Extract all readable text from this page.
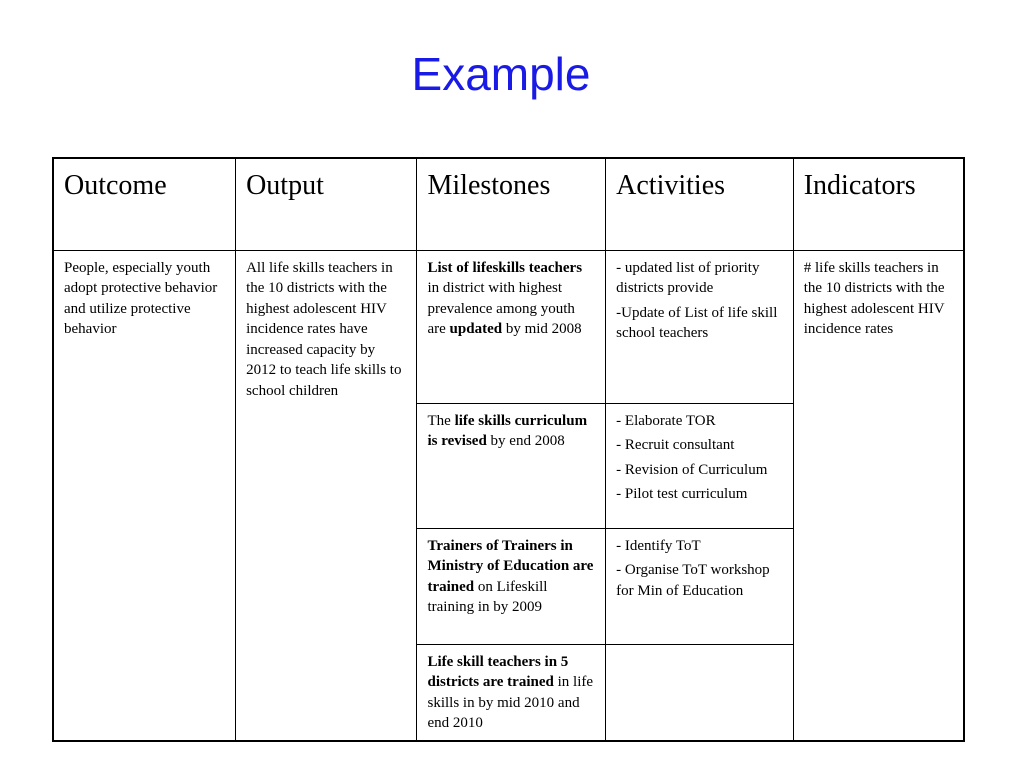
Example
Outcome	Output	Milestones	Activities	Indicators
People, especially youth adopt protective behavior and utilize protective behavior	All life skills teachers in the 10 districts with the highest adolescent HIV incidence rates have increased capacity by 2012 to teach life skills to school children	List of lifeskills teachers in district with highest prevalence among youth are updated by mid 2008	- updated list of priority districts provide
-Update of List of life skill school teachers	# life skills teachers in the 10 districts with the highest adolescent HIV incidence rates
		The life skills curriculum is revised by end 2008	- Elaborate TOR
- Recruit consultant
- Revision of Curriculum
- Pilot test curriculum	

		Trainers of Trainers in Ministry of Education are trained on Lifeskill training in by 2009	- Identify ToT
- Organise ToT workshop for Min of Education	

		Life skill teachers in 5 districts are trained in life skills in by mid 2010 and end 2010		
